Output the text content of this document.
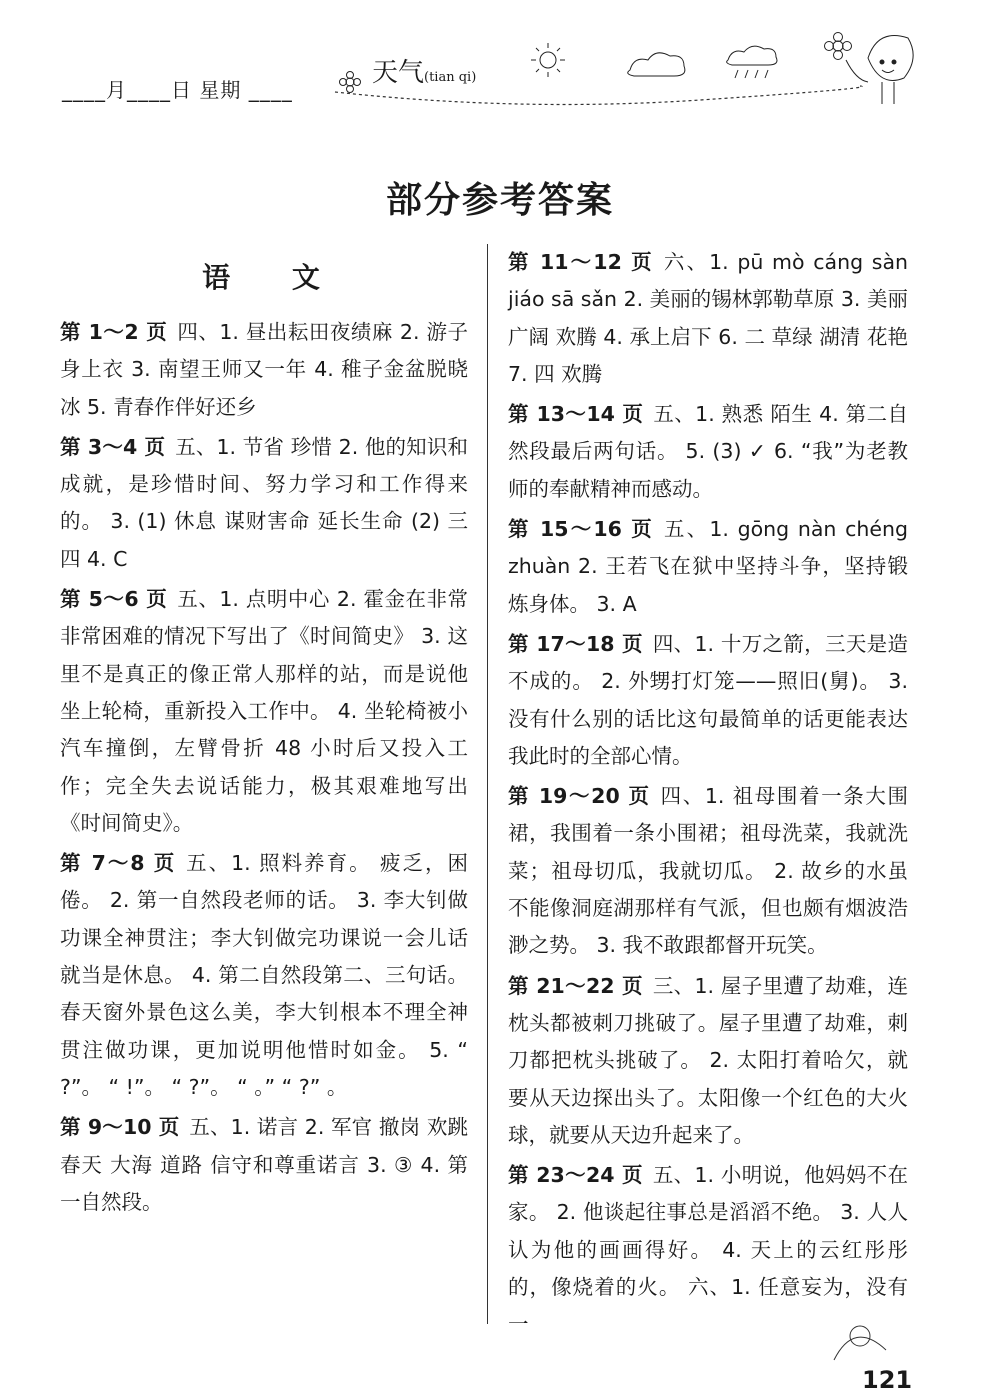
____月____日 星期 ____
天气(tian qi)
部分参考答案
语 文

第 1～2 页 四、1. 昼出耘田夜绩麻 2. 游子身上衣 3. 南望王师又一年 4. 稚子金盆脱晓冰 5. 青春作伴好还乡

第 3～4 页 五、1. 节省 珍惜 2. 他的知识和成就，是珍惜时间、努力学习和工作得来的。 3. (1) 休息 谋财害命 延长生命 (2) 三 四 4. C

第 5～6 页 五、1. 点明中心 2. 霍金在非常非常困难的情况下写出了《时间简史》 3. 这里不是真正的像正常人那样的站，而是说他坐上轮椅，重新投入工作中。 4. 坐轮椅被小汽车撞倒，左臂骨折 48 小时后又投入工作；完全失去说话能力，极其艰难地写出《时间简史》。

第 7～8 页 五、1. 照料养育。 疲乏，困倦。 2. 第一自然段老师的话。 3. 李大钊做功课全神贯注；李大钊做完功课说一会儿话就当是休息。 4. 第二自然段第二、三句话。春天窗外景色这么美，李大钊根本不理全神贯注做功课，更加说明他惜时如金。 5. “ ?”。 “ !”。 “ ?”。 “ 。” “ ?” 。

第 9～10 页 五、1. 诺言 2. 军官 撤岗 欢跳 春天 大海 道路 信守和尊重诺言 3. ③ 4. 第一自然段。

第 11～12 页 六、1. pū mò cáng sàn jiáo sā sǎn 2. 美丽的锡林郭勒草原 3. 美丽 广阔 欢腾 4. 承上启下 6. 二 草绿 湖清 花艳 7. 四 欢腾

第 13～14 页 五、1. 熟悉 陌生 4. 第二自然段最后两句话。 5. (3) ✓ 6. “我”为老教师的奉献精神而感动。

第 15～16 页 五、1. gōng nàn chéng zhuàn 2. 王若飞在狱中坚持斗争，坚持锻炼身体。 3. A

第 17～18 页 四、1. 十万之箭，三天是造不成的。 2. 外甥打灯笼——照旧(舅)。 3. 没有什么别的话比这句最简单的话更能表达我此时的全部心情。

第 19～20 页 四、1. 祖母围着一条大围裙，我围着一条小围裙；祖母洗菜，我就洗菜；祖母切瓜，我就切瓜。 2. 故乡的水虽不能像洞庭湖那样有气派，但也颇有烟波浩渺之势。 3. 我不敢跟都督开玩笑。

第 21～22 页 三、1. 屋子里遭了劫难，连枕头都被刺刀挑破了。屋子里遭了劫难，刺刀都把枕头挑破了。 2. 太阳打着哈欠，就要从天边探出头了。太阳像一个红色的大火球，就要从天边升起来了。

第 23～24 页 五、1. 小明说，他妈妈不在家。 2. 他谈起往事总是滔滔不绝。 3. 人人认为他的画画得好。 4. 天上的云红彤彤的，像烧着的火。 六、1. 任意妄为，没有一

121
